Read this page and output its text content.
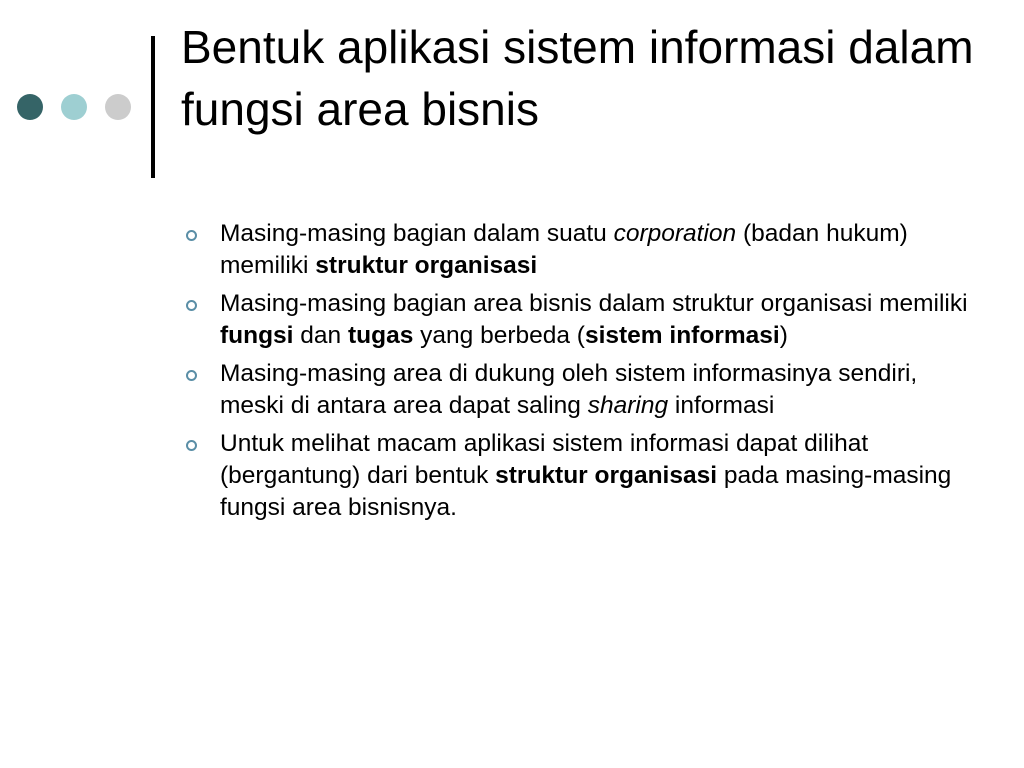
Bentuk aplikasi sistem informasi dalam fungsi area bisnis
Masing-masing bagian dalam suatu corporation (badan hukum) memiliki struktur organisasi
Masing-masing bagian area bisnis dalam struktur organisasi memiliki fungsi dan tugas yang berbeda (sistem informasi)
Masing-masing area di dukung oleh sistem informasinya sendiri, meski di antara area dapat saling sharing informasi
Untuk melihat macam aplikasi sistem informasi dapat dilihat (bergantung) dari bentuk struktur organisasi pada masing-masing fungsi area bisnisnya.
